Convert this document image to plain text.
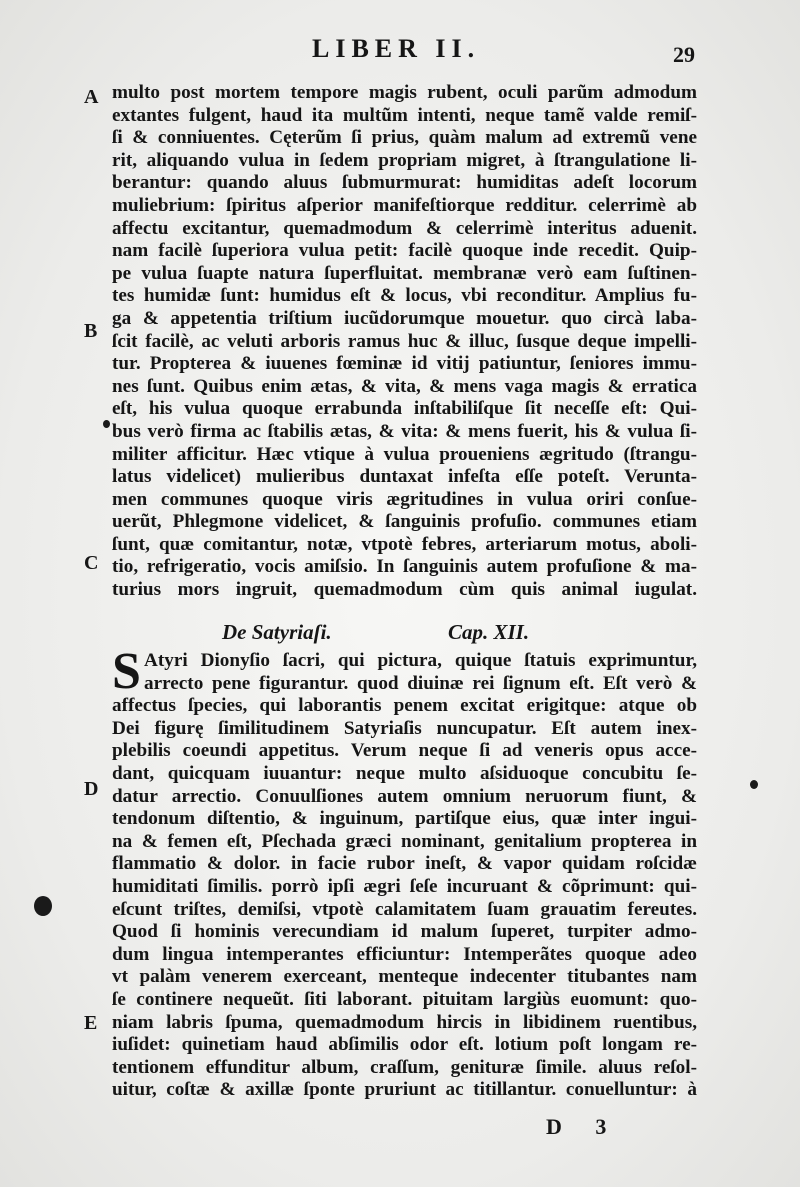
LIBER II.	29
A
B
C
D
E
multo post mortem tempore magis rubent, oculi parũm admodum
extantes fulgent, haud ita multũm intenti, neque tamẽ valde remiſ-
ſi & conniuentes. Cęterũm ſi prius, quàm malum ad extremũ vene
rit, aliquando vulua in ſedem propriam migret, à ſtrangulatione li-
berantur: quando aluus ſubmurmurat: humiditas adeſt locorum
muliebrium: ſpiritus aſperior manifeſtiorque redditur. celerrimè ab
affectu excitantur, quemadmodum & celerrimè interitus aduenit.
nam facilè ſuperiora vulua petit: facilè quoque inde recedit. Quip-
pe vulua ſuapte natura ſuperfluitat. membranæ verò eam ſuſtinen-
tes humidæ ſunt: humidus eſt & locus, vbi reconditur. Amplius fu-
ga & appetentia triſtium iucũdorumque mouetur. quo circà laba-
ſcit facilè, ac veluti arboris ramus huc & illuc, ſusque deque impelli-
tur. Propterea & iuuenes fœminæ id vitij patiuntur, ſeniores immu-
nes ſunt. Quibus enim ætas, & vita, & mens vaga magis & erratica
eſt, his vulua quoque errabunda inſtabiliſque ſit neceſſe eſt: Qui-
bus verò firma ac ſtabilis ætas, & vita: & mens fuerit, his & vulua ſi-
militer afficitur. Hæc vtique à vulua proueniens ægritudo (ſtrangu-
latus videlicet) mulieribus duntaxat infeſta eſſe poteſt. Verunta-
men communes quoque viris ægritudines in vulua oriri conſue-
uerũt, Phlegmone videlicet, & ſanguinis profuſio. communes etiam
ſunt, quæ comitantur, notæ, vtpotè febres, arteriarum motus, aboli-
tio, refrigeratio, vocis amiſsio. In ſanguinis autem profuſione & ma-
turius mors ingruit, quemadmodum cùm quis animal iugulat.
De Satyriaſi.	Cap. XII.
S Atyri Dionyſio ſacri, qui pictura, quique ſtatuis exprimuntur,
arrecto pene figurantur. quod diuinæ rei ſignum eſt. Eſt verò &
affectus ſpecies, qui laborantis penem excitat erigitque: atque ob
Dei figurę ſimilitudinem Satyriaſis nuncupatur. Eſt autem inex-
plebilis coeundi appetitus. Verum neque ſi ad veneris opus acce-
dant, quicquam iuuantur: neque multo aſsiduoque concubitu ſe-
datur arrectio. Conuulſiones autem omnium neruorum fiunt, &
tendonum diſtentio, & inguinum, partiſque eius, quæ inter ingui-
na & femen eſt, Pſechada græci nominant, genitalium propterea in
flammatio & dolor. in facie rubor ineſt, & vapor quidam roſcidæ
humiditati ſimilis. porrò ipſi ægri ſeſe incuruant & cõprimunt: qui-
eſcunt triſtes, demiſsi, vtpotè calamitatem ſuam grauatim fereutes.
Quod ſi hominis verecundiam id malum ſuperet, turpiter admo-
dum lingua intemperantes efficiuntur: Intemperãtes quoque adeo
vt palàm venerem exerceant, menteque indecenter titubantes nam
ſe continere nequeũt. ſiti laborant. pituitam largiùs euomunt: quo-
niam labris ſpuma, quemadmodum hircis in libidinem ruentibus,
iuſidet: quinetiam haud abſimilis odor eſt. lotium poſt longam re-
tentionem effunditur album, craſſum, genituræ ſimile. aluus reſol-
uitur, coſtæ & axillæ ſponte pruriunt ac titillantur. conuelluntur: à
D 3
